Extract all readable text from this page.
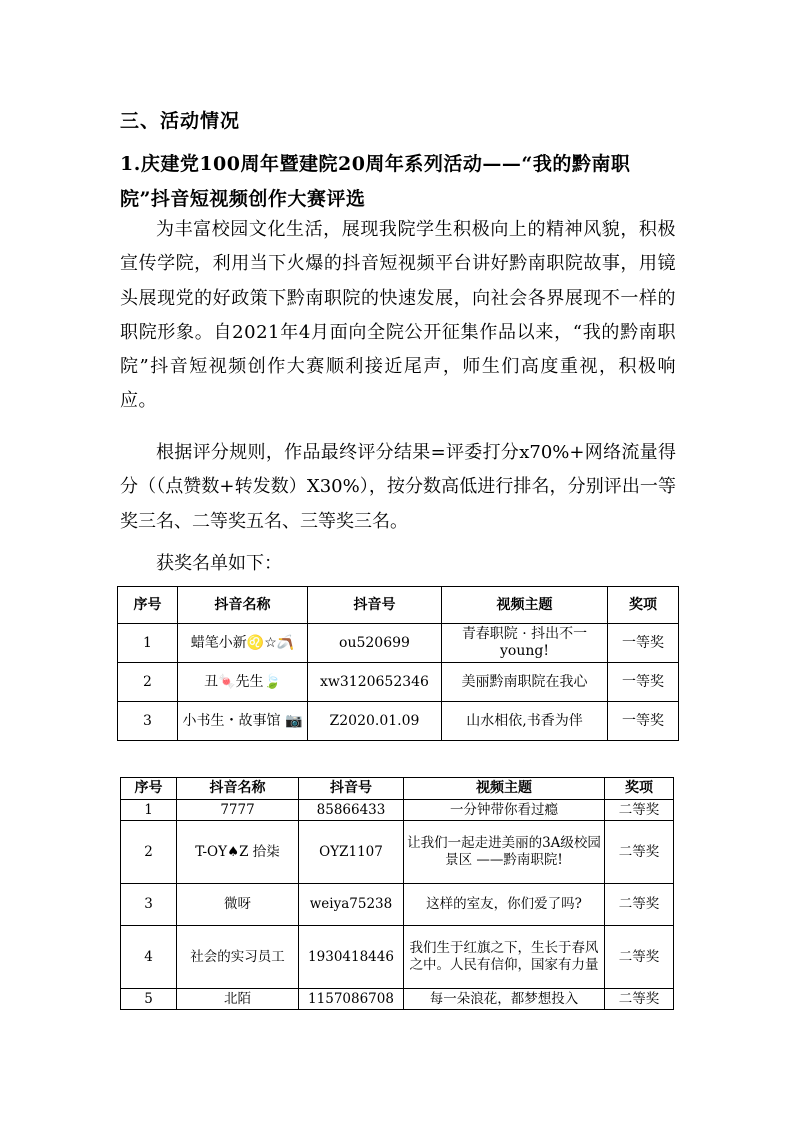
三、活动情况
1.庆建党100周年暨建院20周年系列活动——“我的黔南职院”抖音短视频创作大赛评选

为丰富校园文化生活，展现我院学生积极向上的精神风貌，积极宣传学院，利用当下火爆的抖音短视频平台讲好黔南职院故事，用镜头展现党的好政策下黔南职院的快速发展，向社会各界展现不一样的职院形象。自2021年4月面向全院公开征集作品以来，“我的黔南职院”抖音短视频创作大赛顺利接近尾声，师生们高度重视，积极响应。

根据评分规则，作品最终评分结果=评委打分x70%+网络流量得分（（点赞数+转发数）X30%），按分数高低进行排名，分别评出一等奖三名、二等奖五名、三等奖三名。

获奖名单如下：

序号	抖音名称	抖音号	视频主题	奖项
1	蜡笔小新♌☆🪃	ou520699	青春职院 · 抖出不一young!	一等奖
2	丑🍬先生🍃	xw3120652346	美丽黔南职院在我心	一等奖
3	小书生・故事馆 📷	Z2020.01.09	山水相依,书香为伴	一等奖
序号	抖音名称	抖音号	视频主题	奖项
1	7777	85866433	一分钟带你看过瘾	二等奖
2	T-OY♠Z 拾柒	OYZ1107	让我们一起走进美丽的3A级校园景区 ——黔南职院!	二等奖
3	微呀	weiya75238	这样的室友，你们爱了吗?	二等奖
4	社会的实习员工	1930418446	我们生于红旗之下，生长于春风之中。人民有信仰，国家有力量	二等奖
5	北陌	1157086708	每一朵浪花，都梦想投入	二等奖
